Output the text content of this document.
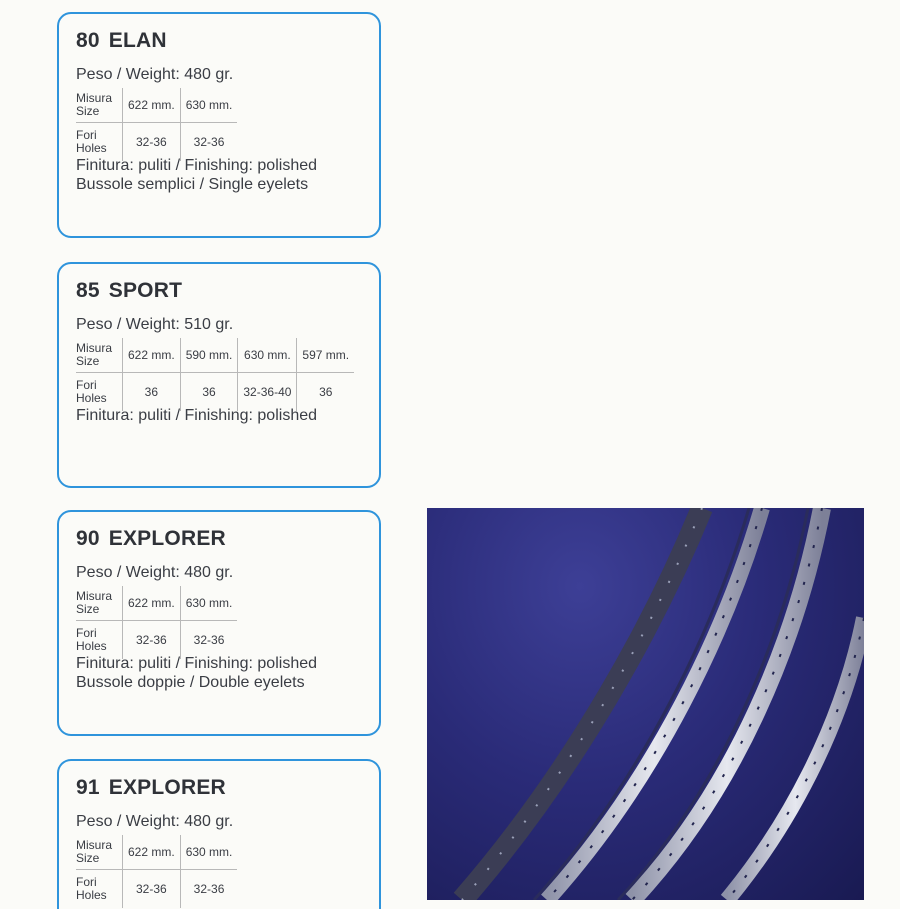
80 ELAN
Peso / Weight: 480 gr.
Misura
Size	622 mm.	630 mm.
Fori
Holes	32-36	32-36
Finitura: puliti / Finishing: polished
Bussole semplici / Single eyelets
85 SPORT
Peso / Weight: 510 gr.
Misura
Size	622 mm.	590 mm.	630 mm.	597 mm.
Fori
Holes	36	36	32-36-40	36
Finitura: puliti / Finishing: polished
90 EXPLORER
Peso / Weight: 480 gr.
Misura
Size	622 mm.	630 mm.
Fori
Holes	32-36	32-36
Finitura: puliti / Finishing: polished
Bussole doppie / Double eyelets
91 EXPLORER
Peso / Weight: 480 gr.
Misura
Size	622 mm.	630 mm.
Fori
Holes	32-36	32-36
